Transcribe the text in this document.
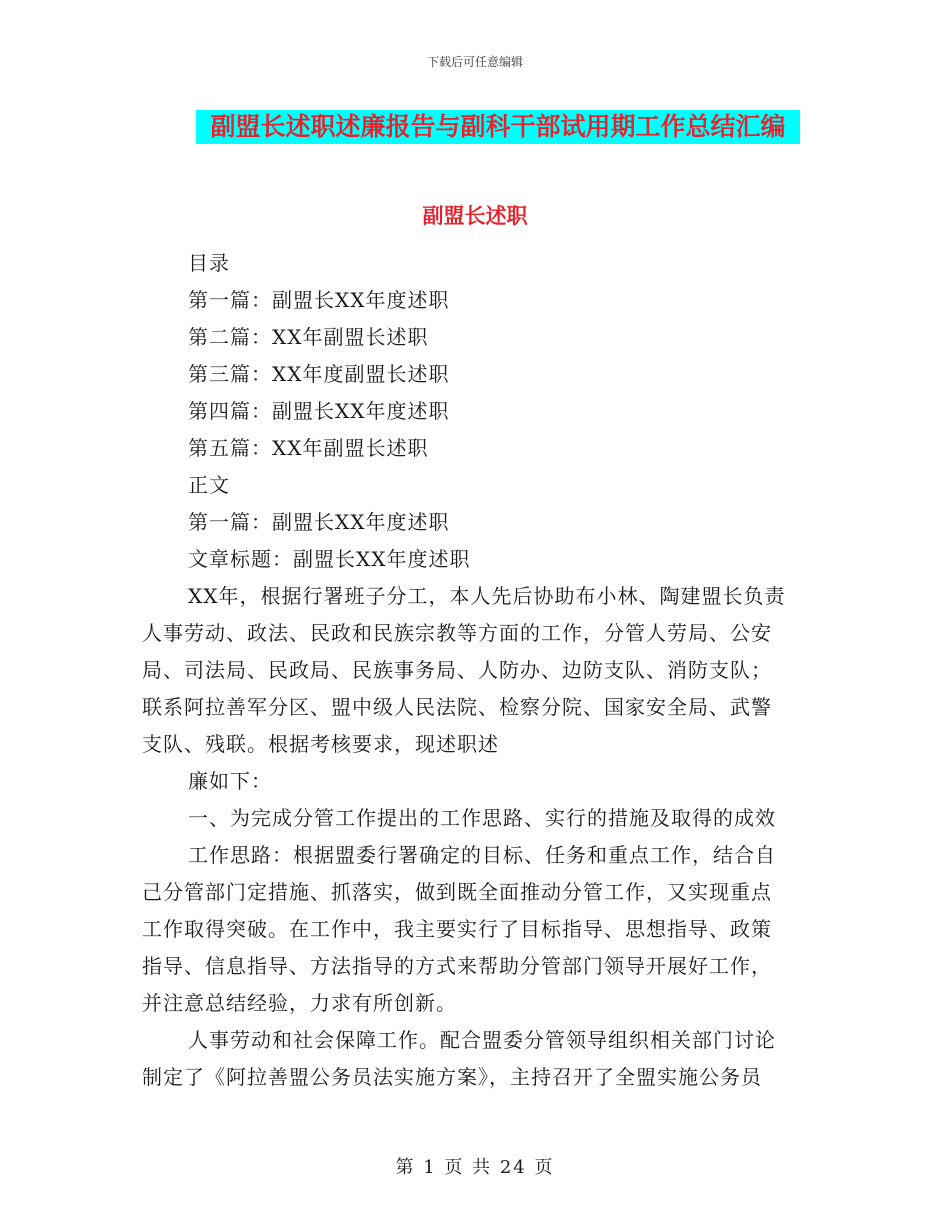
下载后可任意编辑
副盟长述职述廉报告与副科干部试用期工作总结汇编
副盟长述职
目录
第一篇：副盟长XX年度述职
第二篇：XX年副盟长述职
第三篇：XX年度副盟长述职
第四篇：副盟长XX年度述职
第五篇：XX年副盟长述职
正文
第一篇：副盟长XX年度述职
文章标题：副盟长XX年度述职
XX年，根据行署班子分工，本人先后协助布小林、陶建盟长负责
人事劳动、政法、民政和民族宗教等方面的工作，分管人劳局、公安
局、司法局、民政局、民族事务局、人防办、边防支队、消防支队；
联系阿拉善军分区、盟中级人民法院、检察分院、国家安全局、武警
支队、残联。根据考核要求，现述职述
廉如下：
一、为完成分管工作提出的工作思路、实行的措施及取得的成效
工作思路：根据盟委行署确定的目标、任务和重点工作，结合自
己分管部门定措施、抓落实，做到既全面推动分管工作，又实现重点
工作取得突破。在工作中，我主要实行了目标指导、思想指导、政策
指导、信息指导、方法指导的方式来帮助分管部门领导开展好工作，
并注意总结经验，力求有所创新。
人事劳动和社会保障工作。配合盟委分管领导组织相关部门讨论
制定了《阿拉善盟公务员法实施方案》，主持召开了全盟实施公务员
第 1 页 共 24 页
